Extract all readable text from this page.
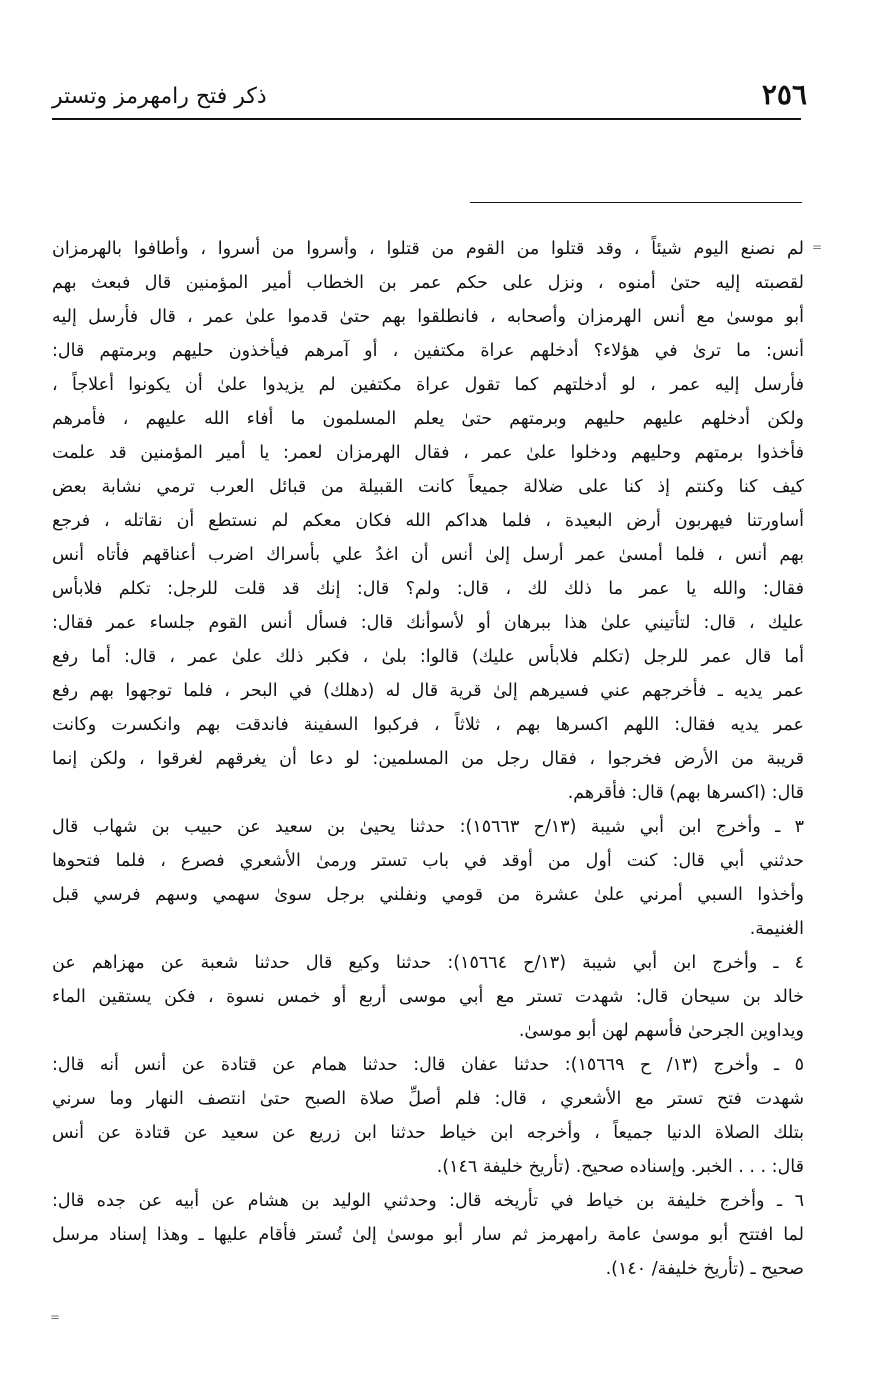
٢٥٦
ذكر فتح رامهرمز وتستر
=
=
لم نصنع اليوم شيئاً ، وقد قتلوا من القوم من قتلوا ، وأسروا من أسروا ، وأطافوا بالهرمزان
لقصبته إليه حتىٰ أمنوه ، ونزل على حكم عمر بن الخطاب أمير المؤمنين قال فبعث بهم
أبو موسىٰ مع أنس الهرمزان وأصحابه ، فانطلقوا بهم حتىٰ قدموا علىٰ عمر ، قال فأرسل إليه
أنس: ما ترىٰ في هؤلاء؟ أدخلهم عراة مكتفين ، أو آمرهم فيأخذون حليهم وبرمتهم قال:
فأرسل إليه عمر ، لو أدخلتهم كما تقول عراة مكتفين لم يزيدوا علىٰ أن يكونوا أعلاجاً ،
ولكن أدخلهم عليهم حليهم وبرمتهم حتىٰ يعلم المسلمون ما أفاء الله عليهم ، فأمرهم
فأخذوا برمتهم وحليهم ودخلوا علىٰ عمر ، فقال الهرمزان لعمر: يا أمير المؤمنين قد علمت
كيف كنا وكنتم إذ كنا على ضلالة جميعاً كانت القبيلة من قبائل العرب ترمي نشابة بعض
أساورتنا فيهربون أرض البعيدة ، فلما هداكم الله فكان معكم لم نستطع أن نقاتله ، فرجع
بهم أنس ، فلما أمسىٰ عمر أرسل إلىٰ أنس أن اغدُ علي بأسراك اضرب أعناقهم فأتاه أنس
فقال: والله يا عمر ما ذلك لك ، قال: ولم؟ قال: إنك قد قلت للرجل: تكلم فلابأس
عليك ، قال: لتأتيني علىٰ هذا ببرهان أو لأسوأنك قال: فسأل أنس القوم جلساء عمر فقال:
أما قال عمر للرجل (تكلم فلابأس عليك) قالوا: بلىٰ ، فكبر ذلك علىٰ عمر ، قال: أما رفع
عمر يديه ـ فأخرجهم عني فسيرهم إلىٰ قرية قال له (دهلك) في البحر ، فلما توجهوا بهم رفع
عمر يديه فقال: اللهم اكسرها بهم ، ثلاثاً ، فركبوا السفينة فاندقت بهم وانكسرت وكانت
قريبة من الأرض فخرجوا ، فقال رجل من المسلمين: لو دعا أن يغرقهم لغرقوا ، ولكن إنما
قال: (اكسرها بهم) قال: فأقرهم.
٣ ـ وأخرج ابن أبي شيبة (١٣/ح ١٥٦٦٣): حدثنا يحيىٰ بن سعيد عن حبيب بن شهاب قال
حدثني أبي قال: كنت أول من أوقد في باب تستر ورمىٰ الأشعري فصرع ، فلما فتحوها
وأخذوا السبي أمرني علىٰ عشرة من قومي ونفلني برجل سوىٰ سهمي وسهم فرسي قبل
الغنيمة.
٤ ـ وأخرج ابن أبي شيبة (١٣/ح ١٥٦٦٤): حدثنا وكيع قال حدثنا شعبة عن مهزاهم عن
خالد بن سيحان قال: شهدت تستر مع أبي موسى أربع أو خمس نسوة ، فكن يستقين الماء
ويداوين الجرحىٰ فأسهم لهن أبو موسىٰ.
٥ ـ وأخرج (١٣/ ح ١٥٦٦٩): حدثنا عفان قال: حدثنا همام عن قتادة عن أنس أنه قال:
شهدت فتح تستر مع الأشعري ، قال: فلم أصلِّ صلاة الصبح حتىٰ انتصف النهار وما سرني
بتلك الصلاة الدنيا جميعاً ، وأخرجه ابن خياط حدثنا ابن زريع عن سعيد عن قتادة عن أنس
قال: . . . الخبر. وإسناده صحيح. (تأريخ خليفة ١٤٦).
٦ ـ وأخرج خليفة بن خياط في تأريخه قال: وحدثني الوليد بن هشام عن أبيه عن جده قال:
لما افتتح أبو موسىٰ عامة رامهرمز ثم سار أبو موسىٰ إلىٰ تُستر فأقام عليها ـ وهذا إسناد مرسل
صحيح ـ (تأريخ خليفة/ ١٤٠).
